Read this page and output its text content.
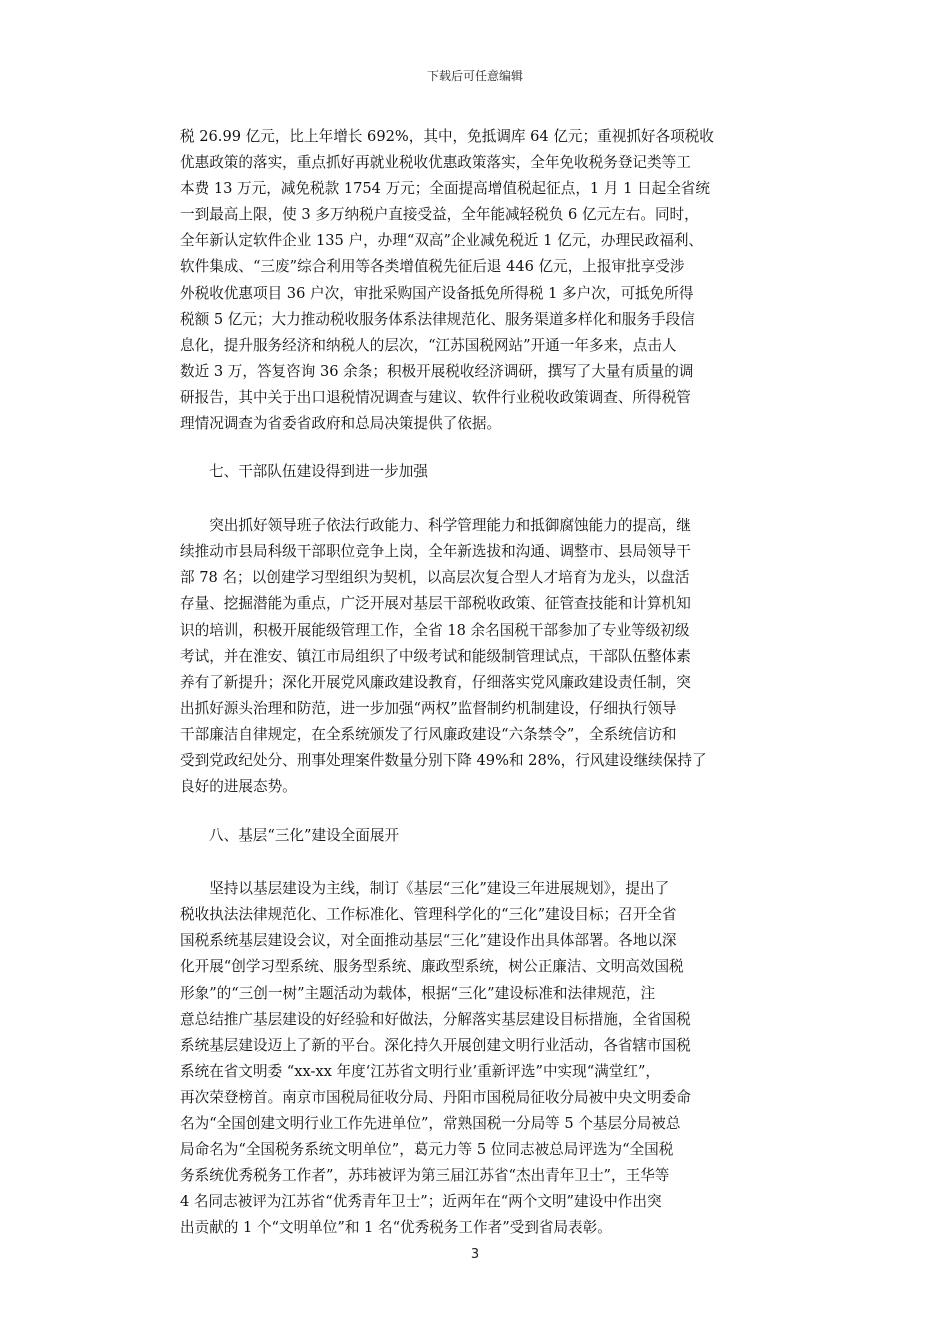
下载后可任意编辑
税 26.99 亿元，比上年增长 692%，其中，免抵调库 64 亿元；重视抓好各项税收
优惠政策的落实，重点抓好再就业税收优惠政策落实，全年免收税务登记类等工
本费 13 万元，减免税款 1754 万元；全面提高增值税起征点，1 月 1 日起全省统
一到最高上限，使 3 多万纳税户直接受益，全年能减轻税负 6 亿元左右。同时，
全年新认定软件企业 135 户，办理“双高”企业减免税近 1 亿元，办理民政福利、
软件集成、“三废”综合利用等各类增值税先征后退 446 亿元，上报审批享受涉
外税收优惠项目 36 户次，审批采购国产设备抵免所得税 1 多户次，可抵免所得
税额 5 亿元；大力推动税收服务体系法律规范化、服务渠道多样化和服务手段信
息化，提升服务经济和纳税人的层次，“江苏国税网站”开通一年多来，点击人
数近 3 万，答复咨询 36 余条；积极开展税收经济调研，撰写了大量有质量的调
研报告，其中关于出口退税情况调查与建议、软件行业税收政策调查、所得税管
理情况调查为省委省政府和总局决策提供了依据。
七、干部队伍建设得到进一步加强
　　突出抓好领导班子依法行政能力、科学管理能力和抵御腐蚀能力的提高，继
续推动市县局科级干部职位竞争上岗，全年新选拔和沟通、调整市、县局领导干
部 78 名；以创建学习型组织为契机，以高层次复合型人才培育为龙头，以盘活
存量、挖掘潜能为重点，广泛开展对基层干部税收政策、征管查技能和计算机知
识的培训，积极开展能级管理工作，全省 18 余名国税干部参加了专业等级初级
考试，并在淮安、镇江市局组织了中级考试和能级制管理试点，干部队伍整体素
养有了新提升；深化开展党风廉政建设教育，仔细落实党风廉政建设责任制，突
出抓好源头治理和防范，进一步加强“两权”监督制约机制建设，仔细执行领导
干部廉洁自律规定，在全系统颁发了行风廉政建设“六条禁令”，全系统信访和
受到党政纪处分、刑事处理案件数量分别下降 49%和 28%，行风建设继续保持了
良好的进展态势。
八、基层“三化”建设全面展开
　　坚持以基层建设为主线，制订《基层“三化”建设三年进展规划》，提出了
税收执法法律规范化、工作标准化、管理科学化的“三化”建设目标；召开全省
国税系统基层建设会议，对全面推动基层“三化”建设作出具体部署。各地以深
化开展“创学习型系统、服务型系统、廉政型系统，树公正廉洁、文明高效国税
形象”的“三创一树”主题活动为载体，根据“三化”建设标准和法律规范，注
意总结推广基层建设的好经验和好做法，分解落实基层建设目标措施，全省国税
系统基层建设迈上了新的平台。深化持久开展创建文明行业活动，各省辖市国税
系统在省文明委 “xx-xx 年度‘江苏省文明行业’重新评选”中实现“满堂红”，
再次荣登榜首。南京市国税局征收分局、丹阳市国税局征收分局被中央文明委命
名为“全国创建文明行业工作先进单位”，常熟国税一分局等 5 个基层分局被总
局命名为“全国税务系统文明单位”，葛元力等 5 位同志被总局评选为“全国税
务系统优秀税务工作者”，苏玮被评为第三届江苏省“杰出青年卫士”，王华等
4 名同志被评为江苏省“优秀青年卫士”；近两年在“两个文明”建设中作出突
出贡献的 1 个“文明单位”和 1 名“优秀税务工作者”受到省局表彰。
3
